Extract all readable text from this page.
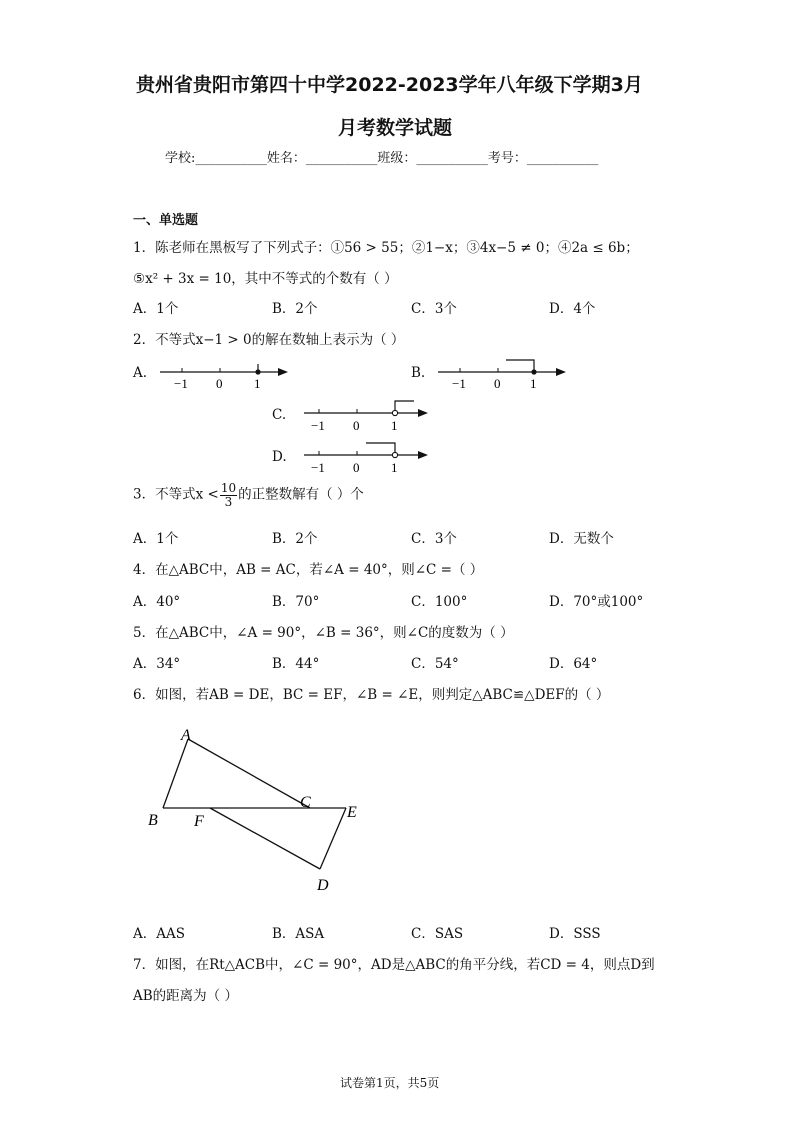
贵州省贵阳市第四十中学2022-2023学年八年级下学期3月
月考数学试题
学校:___________姓名：___________班级：___________考号：___________
一、单选题
1．陈老师在黑板写了下列式子：①56 > 55；②1−x；③4x−5 ≠ 0；④2a ≤ 6b；
⑤x² + 3x = 10，其中不等式的个数有（ ）
A．1个	B．2个	C．3个	D．4个
2．不等式x−1 > 0的解在数轴上表示为（ ）
A.
−1 0 1
B.
−1 0 1
C.
−1 0 1
D.
−1 0 1
3．不等式$x < \frac{10}{3}$ 的正整数解有（ ）个
A．1个	B．2个	C．3个	D．无数个
4．在△ABC中，AB = AC，若∠A = 40°，则∠C =（ ）
A．40°	B．70°	C．100°	D．70°或100°
5．在△ABC中，∠A = 90°，∠B = 36°，则∠C的度数为（ ）
A．34°	B．44°	C．54°	D．64°
6．如图，若AB = DE，BC = EF，∠B = ∠E，则判定△ABC≌△DEF的（ ）
A
B
C
D
E
F
A．AAS	B．ASA	C．SAS	D．SSS
7．如图，在Rt△ACB中，∠C = 90°，AD是△ABC的角平分线，若CD = 4，则点D到
AB的距离为（ ）
试卷第1页，共5页
